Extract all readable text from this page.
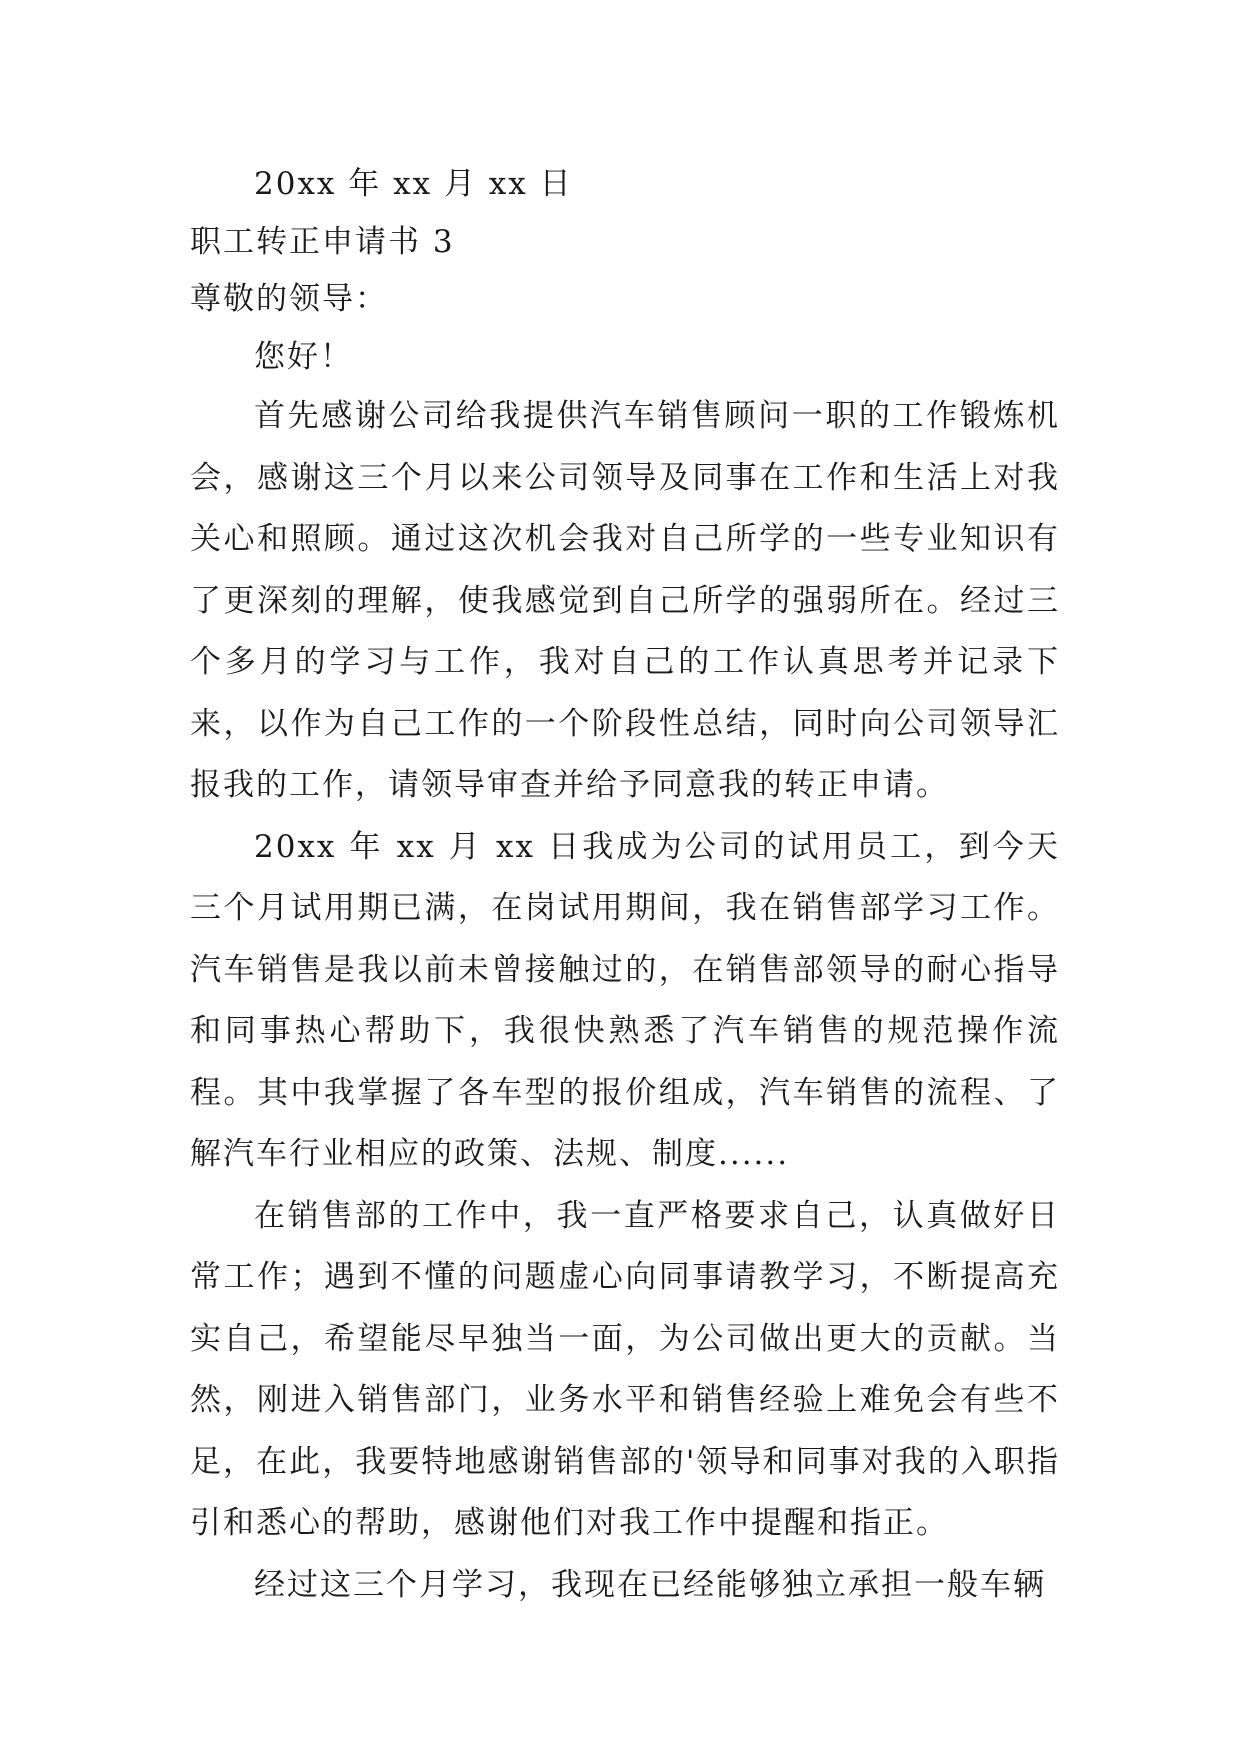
20xx 年 xx 月 xx 日
职工转正申请书 3
尊敬的领导：
您好！

首先感谢公司给我提供汽车销售顾问一职的工作锻炼机会，感谢这三个月以来公司领导及同事在工作和生活上对我关心和照顾。通过这次机会我对自己所学的一些专业知识有了更深刻的理解，使我感觉到自己所学的强弱所在。经过三个多月的学习与工作，我对自己的工作认真思考并记录下来，以作为自己工作的一个阶段性总结，同时向公司领导汇报我的工作，请领导审查并给予同意我的转正申请。

20xx 年 xx 月 xx 日我成为公司的试用员工，到今天三个月试用期已满，在岗试用期间，我在销售部学习工作。汽车销售是我以前未曾接触过的，在销售部领导的耐心指导和同事热心帮助下，我很快熟悉了汽车销售的规范操作流程。其中我掌握了各车型的报价组成，汽车销售的流程、了解汽车行业相应的政策、法规、制度......

在销售部的工作中，我一直严格要求自己，认真做好日常工作；遇到不懂的问题虚心向同事请教学习，不断提高充实自己，希望能尽早独当一面，为公司做出更大的贡献。当然，刚进入销售部门，业务水平和销售经验上难免会有些不足，在此，我要特地感谢销售部的'领导和同事对我的入职指引和悉心的帮助，感谢他们对我工作中提醒和指正。

经过这三个月学习，我现在已经能够独立承担一般车辆
